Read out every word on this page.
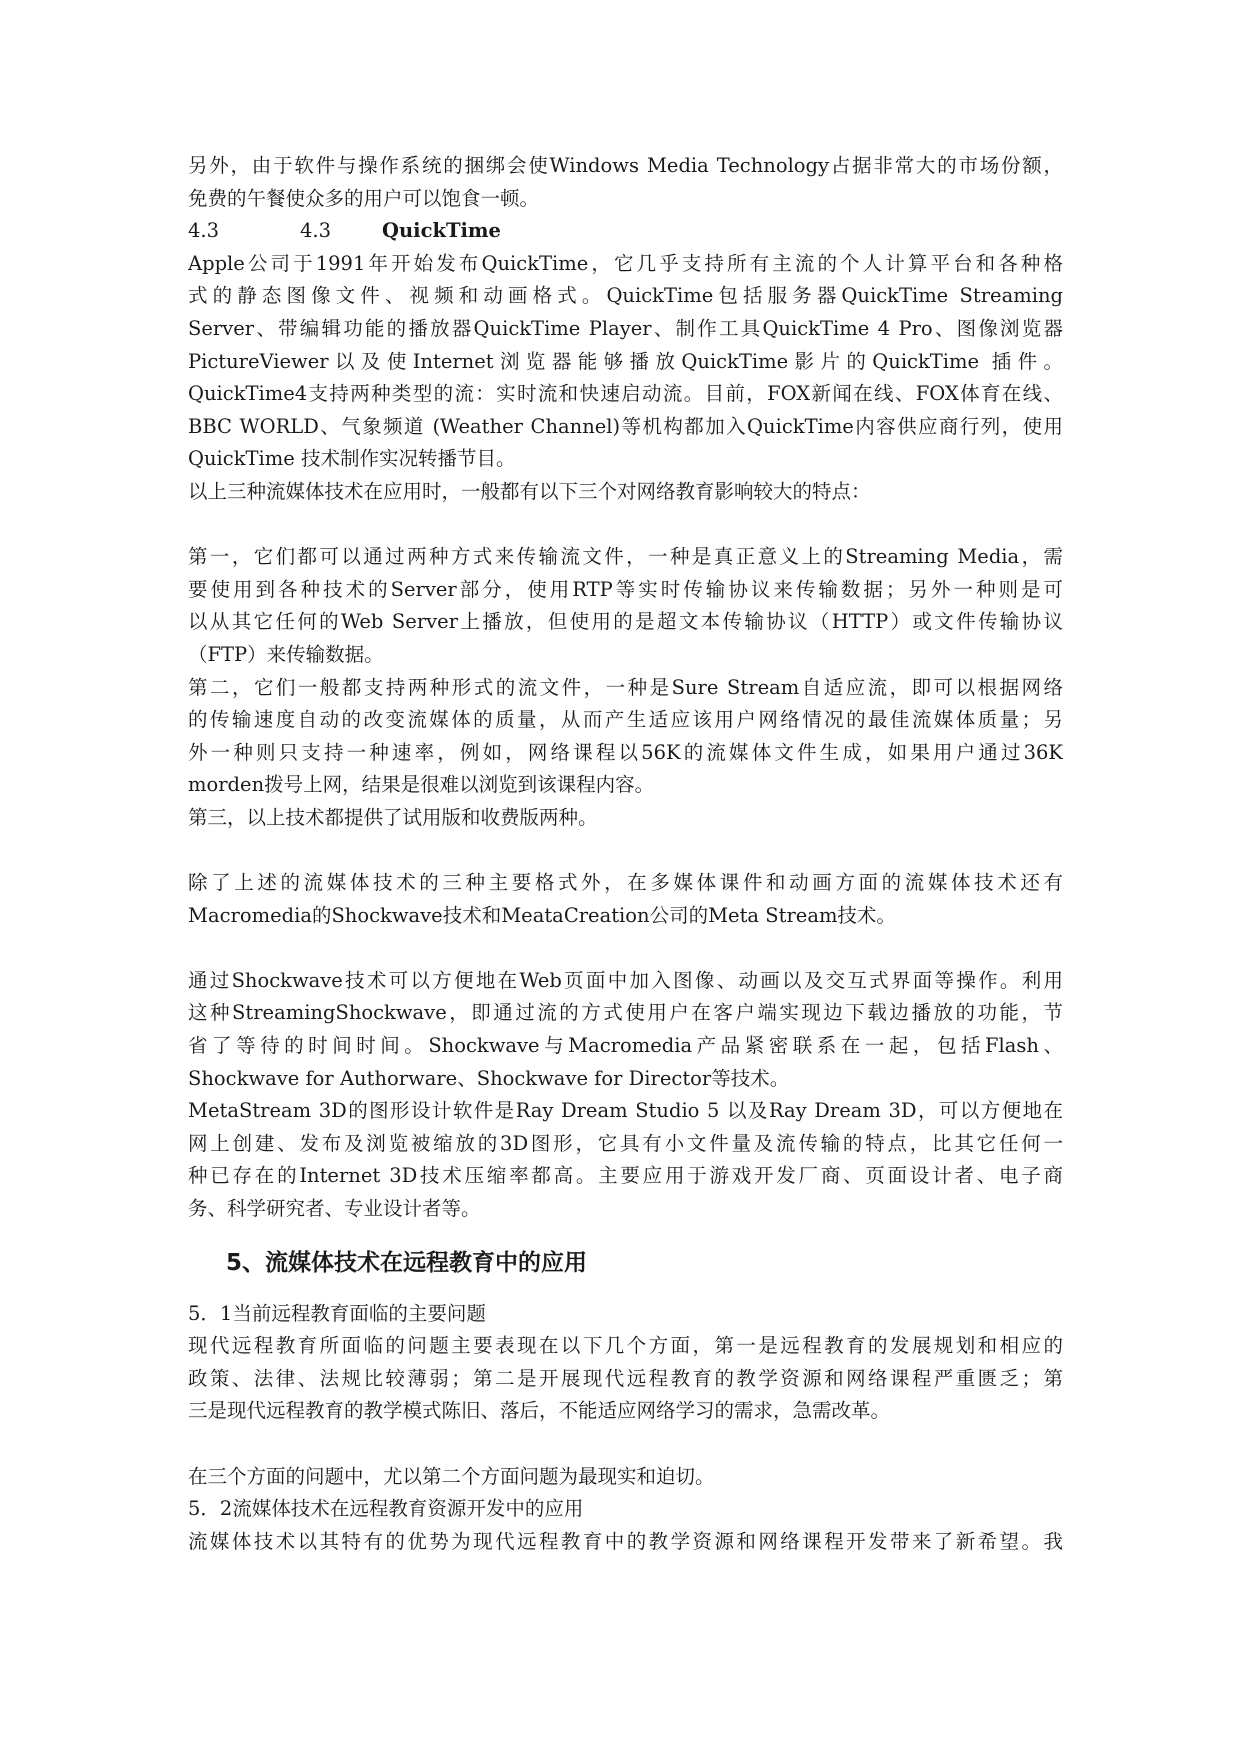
另外，由于软件与操作系统的捆绑会使Windows Media Technology占据非常大的市场份额，
免费的午餐使众多的用户可以饱食一顿。
4.3	4.3	QuickTime
Apple公司于1991年开始发布QuickTime，它几乎支持所有主流的个人计算平台和各种格
式的静态图像文件、视频和动画格式。QuickTime包括服务器QuickTime Streaming
Server、带编辑功能的播放器QuickTime Player、制作工具QuickTime 4 Pro、图像浏览器
PictureViewer以及使Internet浏览器能够播放QuickTime影片的QuickTime 插件。
QuickTime4支持两种类型的流：实时流和快速启动流。目前，FOX新闻在线、FOX体育在线、
BBC WORLD、气象频道 (Weather Channel)等机构都加入QuickTime内容供应商行列，使用
QuickTime 技术制作实况转播节目。
以上三种流媒体技术在应用时，一般都有以下三个对网络教育影响较大的特点：
第一，它们都可以通过两种方式来传输流文件，一种是真正意义上的Streaming Media，需
要使用到各种技术的Server部分，使用RTP等实时传输协议来传输数据；另外一种则是可
以从其它任何的Web Server上播放，但使用的是超文本传输协议（HTTP）或文件传输协议
（FTP）来传输数据。
第二，它们一般都支持两种形式的流文件，一种是Sure Stream自适应流，即可以根据网络
的传输速度自动的改变流媒体的质量，从而产生适应该用户网络情况的最佳流媒体质量；另
外一种则只支持一种速率，例如，网络课程以56K的流媒体文件生成，如果用户通过36K
morden拨号上网，结果是很难以浏览到该课程内容。
第三，以上技术都提供了试用版和收费版两种。
除了上述的流媒体技术的三种主要格式外，在多媒体课件和动画方面的流媒体技术还有
Macromedia的Shockwave技术和MeataCreation公司的Meta Stream技术。
通过Shockwave技术可以方便地在Web页面中加入图像、动画以及交互式界面等操作。利用
这种StreamingShockwave，即通过流的方式使用户在客户端实现边下载边播放的功能，节
省了等待的时间时间。Shockwave与Macromedia产品紧密联系在一起，包括Flash、
Shockwave for Authorware、Shockwave for Director等技术。
MetaStream 3D的图形设计软件是Ray Dream Studio 5 以及Ray Dream 3D，可以方便地在
网上创建、发布及浏览被缩放的3D图形，它具有小文件量及流传输的特点，比其它任何一
种已存在的Internet 3D技术压缩率都高。主要应用于游戏开发厂商、页面设计者、电子商
务、科学研究者、专业设计者等。
5、流媒体技术在远程教育中的应用
5．1当前远程教育面临的主要问题
现代远程教育所面临的问题主要表现在以下几个方面，第一是远程教育的发展规划和相应的
政策、法律、法规比较薄弱；第二是开展现代远程教育的教学资源和网络课程严重匮乏；第
三是现代远程教育的教学模式陈旧、落后，不能适应网络学习的需求，急需改革。
在三个方面的问题中，尤以第二个方面问题为最现实和迫切。
5．2流媒体技术在远程教育资源开发中的应用
流媒体技术以其特有的优势为现代远程教育中的教学资源和网络课程开发带来了新希望。我
